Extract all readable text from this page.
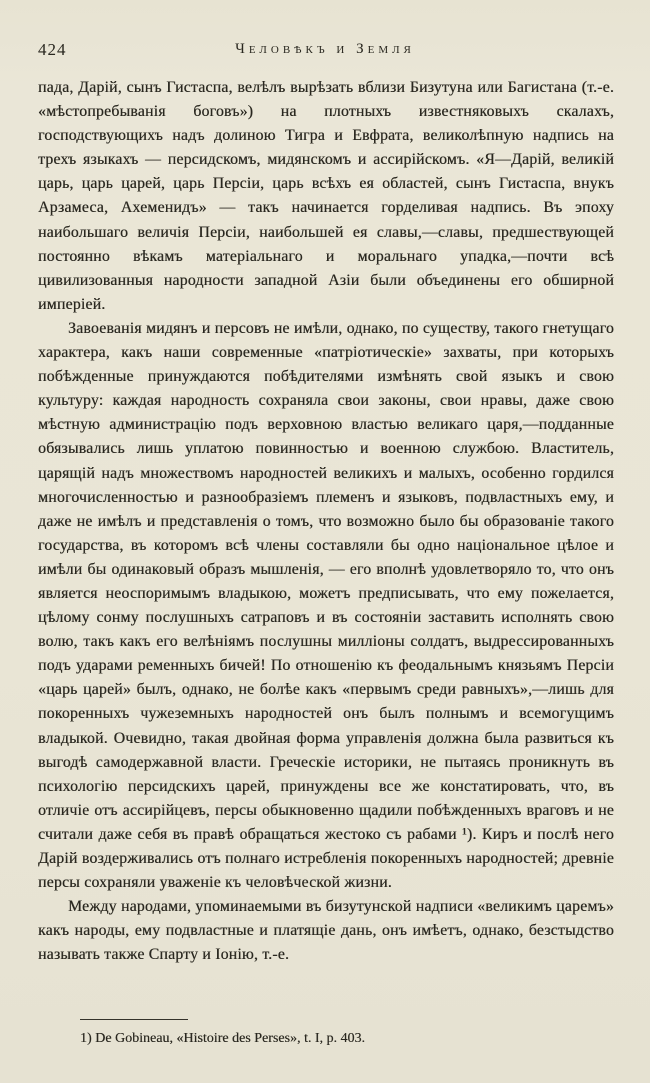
424	Человѣкъ и Земля

пада, Дарій, сынъ Гистаспа, велѣлъ вырѣзать вблизи Бизутуна или Багистана (т.-е. «мѣстопребыванія боговъ») на плотныхъ известняковыхъ скалахъ, господствующихъ надъ долиною Тигра и Евфрата, великолѣпную надпись на трехъ языкахъ — персидскомъ, мидянскомъ и ассирійскомъ. «Я—Дарій, великій царь, царь царей, царь Персіи, царь всѣхъ ея областей, сынъ Гистаспа, внукъ Арзамеса, Ахеменидъ» — такъ начинается горделивая надпись. Въ эпоху наибольшаго величія Персіи, наибольшей ея славы,—славы, предшествующей постоянно вѣкамъ матеріальнаго и моральнаго упадка,—почти всѣ цивилизованныя народности западной Азіи были объединены его обширной имперіей.

Завоеванія мидянъ и персовъ не имѣли, однако, по существу, такого гнетущаго характера, какъ наши современные «патріотическіе» захваты, при которыхъ побѣжденные принуждаются побѣдителями измѣнять свой языкъ и свою культуру: каждая народность сохраняла свои законы, свои нравы, даже свою мѣстную администрацію подъ верховною властью великаго царя,—подданные обязывались лишь уплатою повинностью и военною службою. Властитель, царящій надъ множествомъ народностей великихъ и малыхъ, особенно гордился многочисленностью и разнообразіемъ племенъ и языковъ, подвластныхъ ему, и даже не имѣлъ и представленія о томъ, что возможно было бы образованіе такого государства, въ которомъ всѣ члены составляли бы одно національное цѣлое и имѣли бы одинаковый образъ мышленія, — его вполнѣ удовлетворяло то, что онъ является неоспоримымъ владыкою, можетъ предписывать, что ему пожелается, цѣлому сонму послушныхъ сатраповъ и въ состояніи заставить исполнять свою волю, такъ какъ его велѣніямъ послушны милліоны солдатъ, выдрессированныхъ подъ ударами ременныхъ бичей! По отношенію къ феодальнымъ князьямъ Персіи «царь царей» былъ, однако, не болѣе какъ «первымъ среди равныхъ»,—лишь для покоренныхъ чужеземныхъ народностей онъ былъ полнымъ и всемогущимъ владыкой. Очевидно, такая двойная форма управленія должна была развиться къ выгодѣ самодержавной власти. Греческіе историки, не пытаясь проникнуть въ психологію персидскихъ царей, принуждены все же констатировать, что, въ отличіе отъ ассирійцевъ, персы обыкновенно щадили побѣжденныхъ враговъ и не считали даже себя въ правѣ обращаться жестоко съ рабами ¹). Киръ и послѣ него Дарій воздерживались отъ полнаго истребленія покоренныхъ народностей; древніе персы сохраняли уваженіе къ человѣческой жизни.

Между народами, упоминаемыми въ бизутунской надписи «великимъ царемъ» какъ народы, ему подвластные и платящіе дань, онъ имѣетъ, однако, безстыдство называть также Спарту и Іонію, т.-е.

1) De Gobineau, «Histoire des Perses», t. I, p. 403.
